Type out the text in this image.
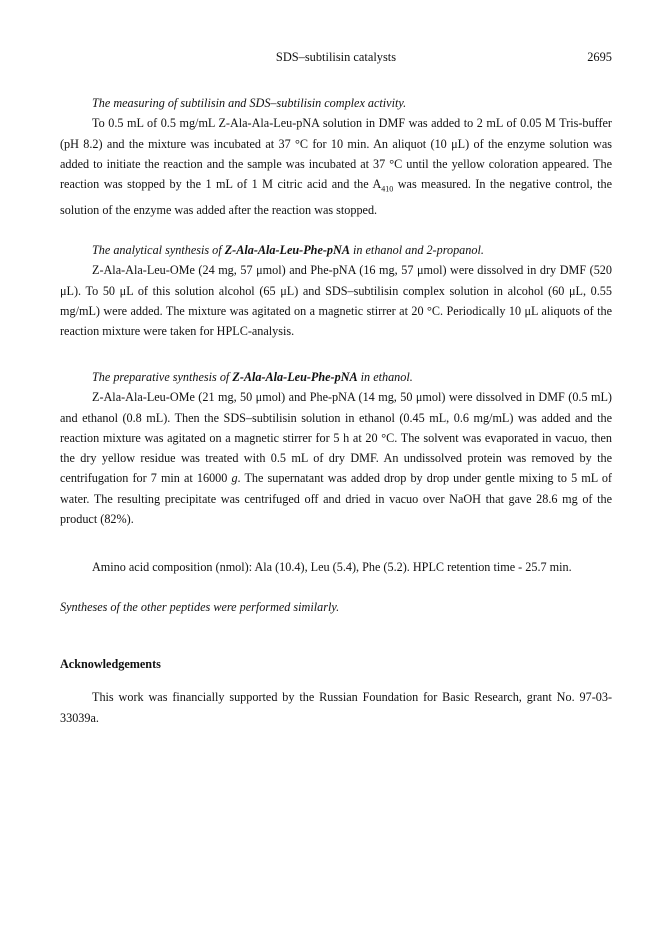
SDS–subtilisin catalysts	2695

The measuring of subtilisin and SDS–subtilisin complex activity.

To 0.5 mL of 0.5 mg/mL Z-Ala-Ala-Leu-pNA solution in DMF was added to 2 mL of 0.05 M Tris-buffer (pH 8.2) and the mixture was incubated at 37 °C for 10 min. An aliquot (10 μL) of the enzyme solution was added to initiate the reaction and the sample was incubated at 37 °C until the yellow coloration appeared. The reaction was stopped by the 1 mL of 1 M citric acid and the $A_{410}$ was measured. In the negative control, the solution of the enzyme was added after the reaction was stopped.

The analytical synthesis of Z-Ala-Ala-Leu-Phe-pNA in ethanol and 2-propanol.

Z-Ala-Ala-Leu-OMe (24 mg, 57 μmol) and Phe-pNA (16 mg, 57 μmol) were dissolved in dry DMF (520 μL). To 50 μL of this solution alcohol (65 μL) and SDS–subtilisin complex solution in alcohol (60 μL, 0.55 mg/mL) were added. The mixture was agitated on a magnetic stirrer at 20 °C. Periodically 10 μL aliquots of the reaction mixture were taken for HPLC-analysis.

The preparative synthesis of Z-Ala-Ala-Leu-Phe-pNA in ethanol.

Z-Ala-Ala-Leu-OMe (21 mg, 50 μmol) and Phe-pNA (14 mg, 50 μmol) were dissolved in DMF (0.5 mL) and ethanol (0.8 mL). Then the SDS–subtilisin solution in ethanol (0.45 mL, 0.6 mg/mL) was added and the reaction mixture was agitated on a magnetic stirrer for 5 h at 20 °C. The solvent was evaporated in vacuo, then the dry yellow residue was treated with 0.5 mL of dry DMF. An undissolved protein was removed by the centrifugation for 7 min at 16000 g. The supernatant was added drop by drop under gentle mixing to 5 mL of water. The resulting precipitate was centrifuged off and dried in vacuo over NaOH that gave 28.6 mg of the product (82%).

Amino acid composition (nmol): Ala (10.4), Leu (5.4), Phe (5.2). HPLC retention time - 25.7 min.

Syntheses of the other peptides were performed similarly.

Acknowledgements

This work was financially supported by the Russian Foundation for Basic Research, grant No. 97-03-33039a.
